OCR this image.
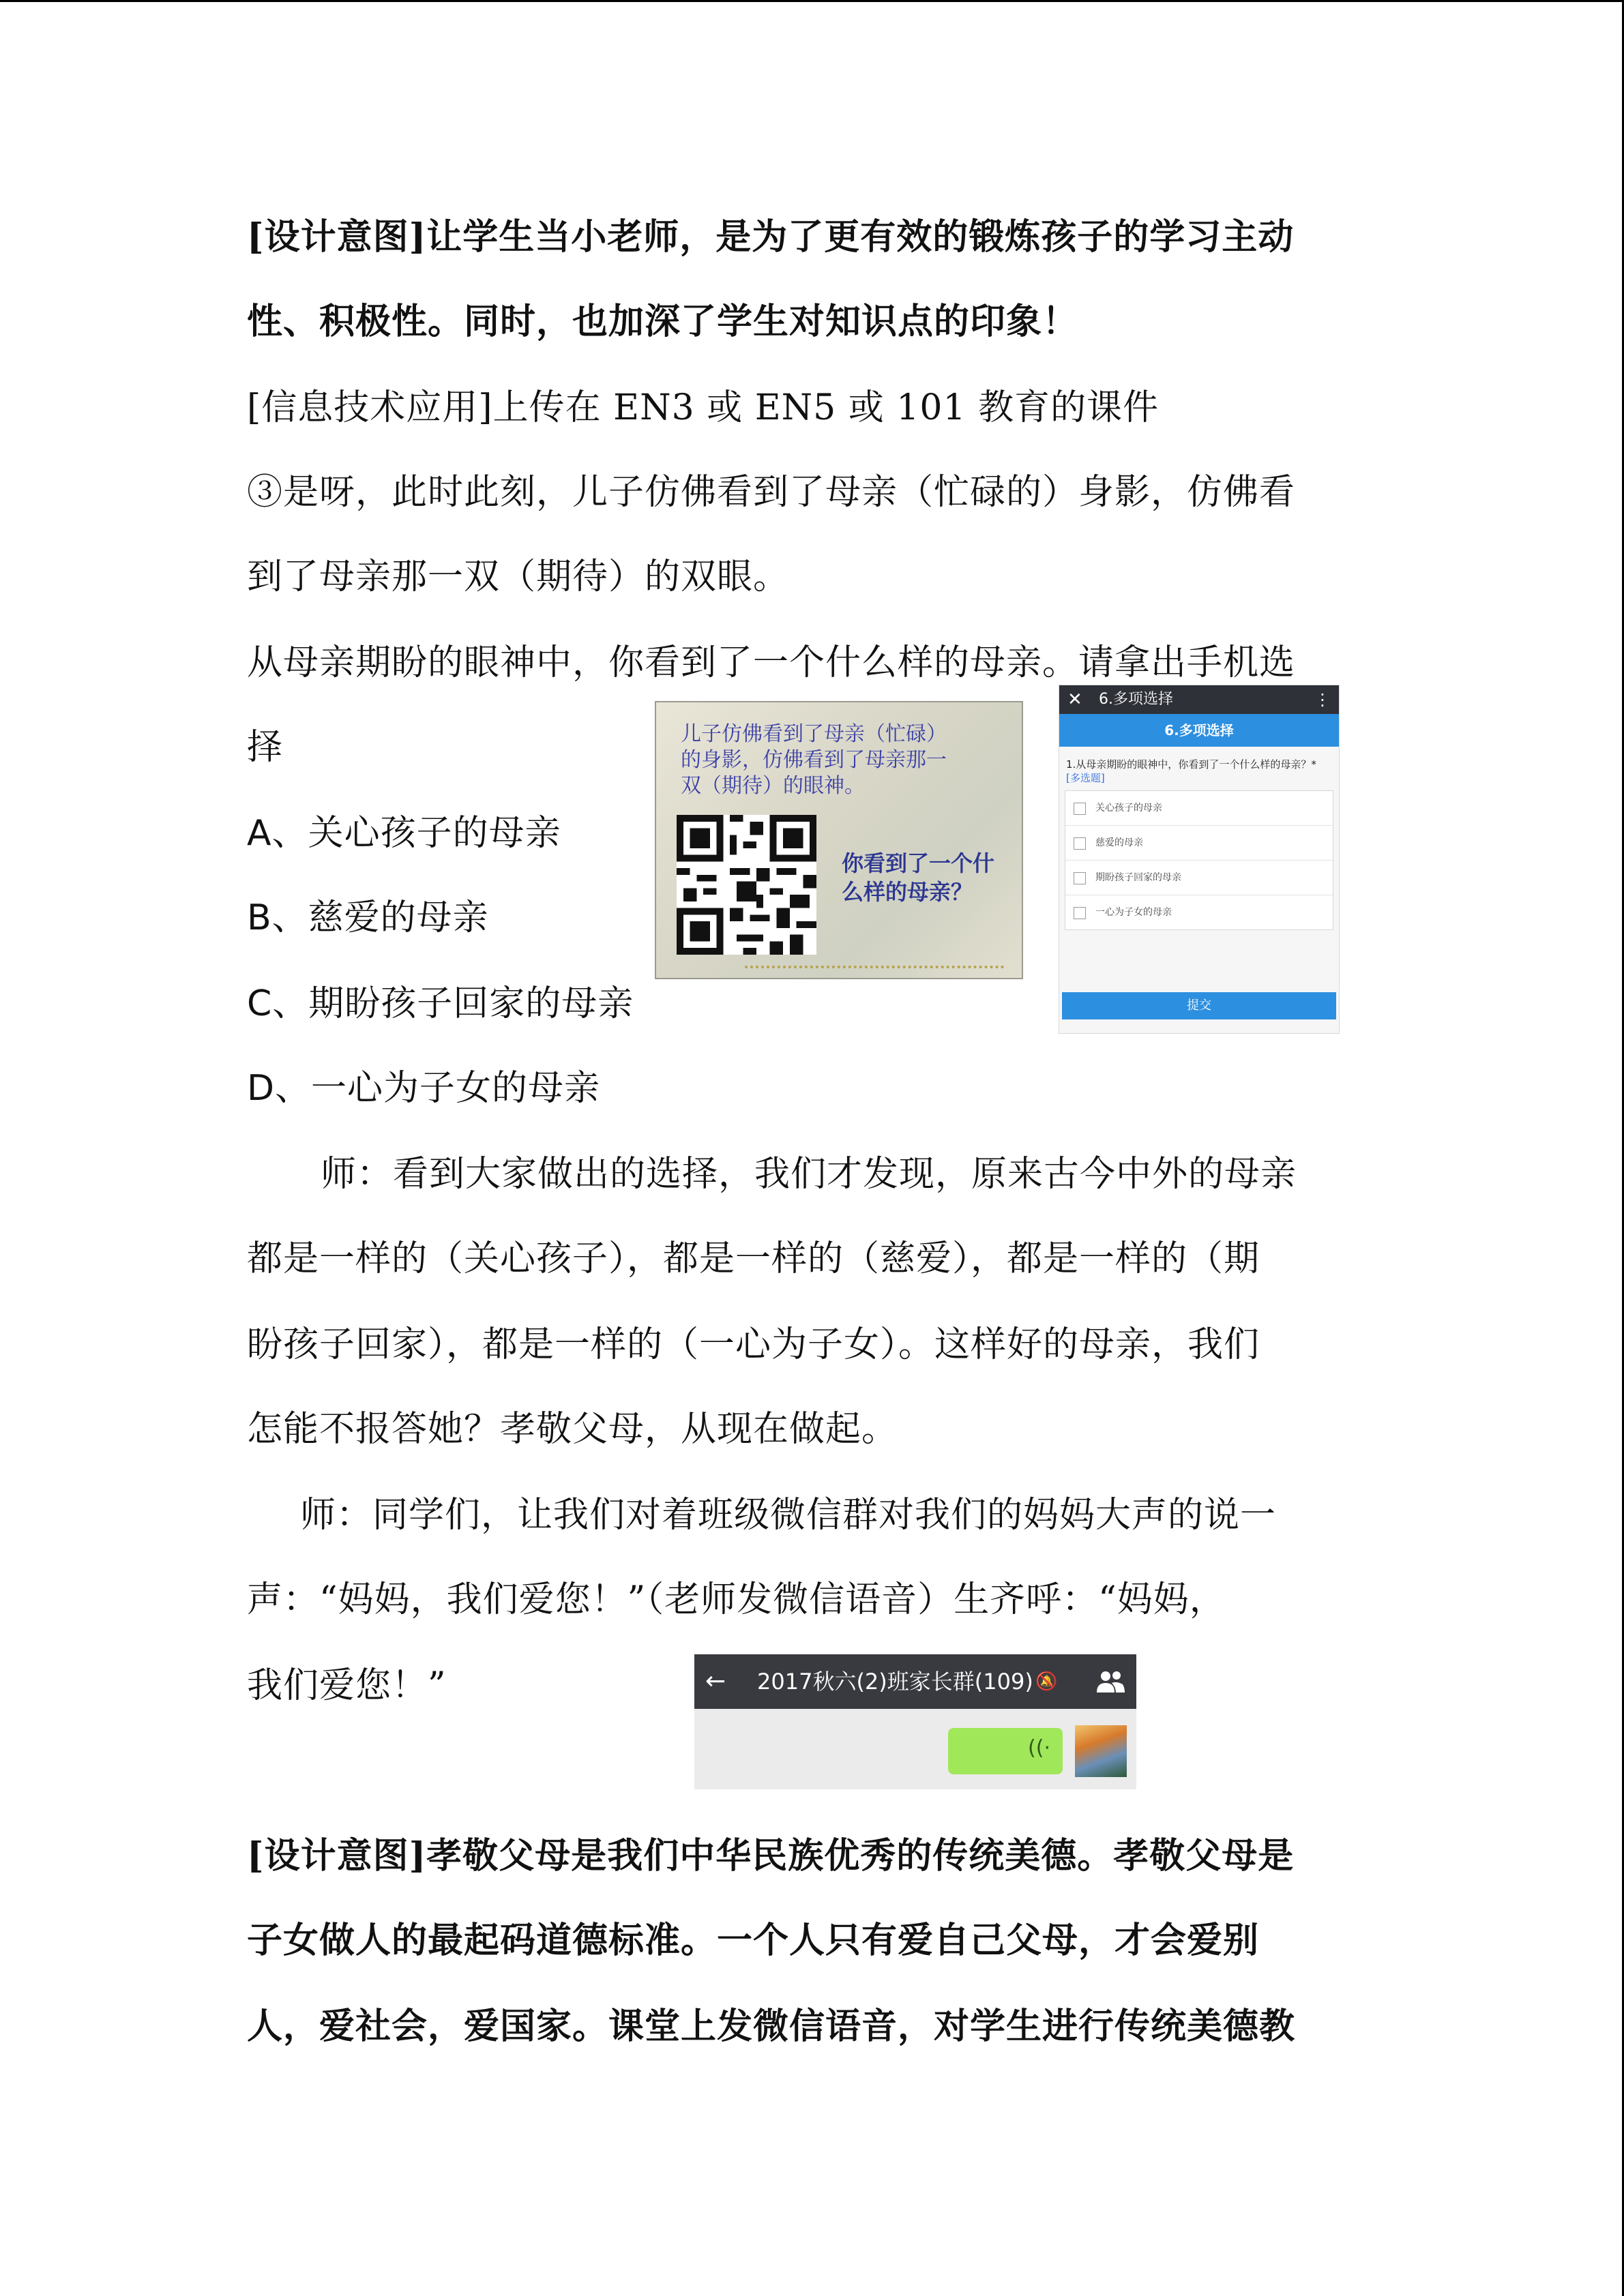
[设计意图]让学生当小老师，是为了更有效的锻炼孩子的学习主动
性、积极性。同时，也加深了学生对知识点的印象！
[信息技术应用]上传在 EN3 或 EN5 或 101 教育的课件
③是呀，此时此刻，儿子仿佛看到了母亲（忙碌的）身影，仿佛看
到了母亲那一双（期待）的双眼。
从母亲期盼的眼神中，你看到了一个什么样的母亲。请拿出手机选
择
A、关心孩子的母亲
B、慈爱的母亲
C、期盼孩子回家的母亲
D、一心为子女的母亲
儿子仿佛看到了母亲（忙碌）
的身影，仿佛看到了母亲那一
双（期待）的眼神。
你看到了一个什
么样的母亲？
✕ 6.多项选择	⋮
6.多项选择
1.从母亲期盼的眼神中，你看到了一个什么样的母亲？* [多选题]
关心孩子的母亲
慈爱的母亲
期盼孩子回家的母亲
一心为子女的母亲
提交
师：看到大家做出的选择，我们才发现，原来古今中外的母亲
都是一样的（关心孩子），都是一样的（慈爱），都是一样的（期
盼孩子回家），都是一样的（一心为子女）。这样好的母亲，我们
怎能不报答她？孝敬父母，从现在做起。
师：同学们，让我们对着班级微信群对我们的妈妈大声的说一
声：“妈妈，我们爱您！”（老师发微信语音）生齐呼：“妈妈，
我们爱您！”	← 2017秋六(2)班家长群(109) 🔕
((·
[设计意图]孝敬父母是我们中华民族优秀的传统美德。孝敬父母是
子女做人的最起码道德标准。一个人只有爱自己父母，才会爱别
人，爱社会，爱国家。课堂上发微信语音，对学生进行传统美德教
